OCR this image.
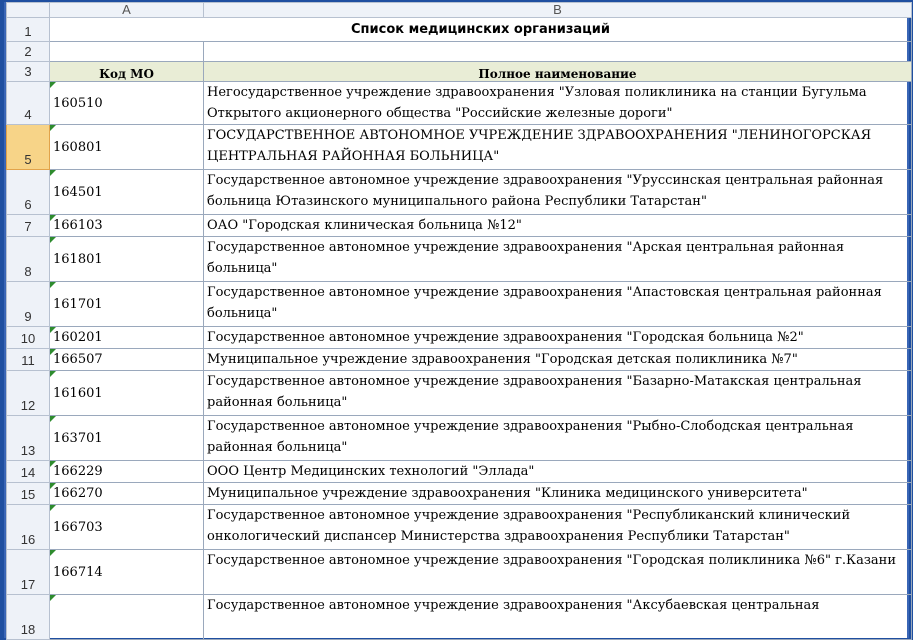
	A	B
1	Список медицинских организаций	
2		
3	Код МО	Полное наименование
4	160510	Негосударственное учреждение здравоохранения "Узловая поликлиника на станции Бугульма Открытого акционерного общества "Российские железные дороги"
5	160801	ГОСУДАРСТВЕННОЕ АВТОНОМНОЕ УЧРЕЖДЕНИЕ ЗДРАВООХРАНЕНИЯ "ЛЕНИНОГОРСКАЯ ЦЕНТРАЛЬНАЯ РАЙОННАЯ БОЛЬНИЦА"
6	164501	Государственное автономное учреждение здравоохранения "Уруссинская центральная районная больница Ютазинского муниципального района Республики Татарстан"
7	166103	ОАО "Городская клиническая больница №12"
8	161801	Государственное автономное учреждение здравоохранения "Арская центральная районная больница"
9	161701	Государственное автономное учреждение здравоохранения "Апастовская центральная районная больница"
10	160201	Государственное автономное учреждение здравоохранения "Городская больница №2"
11	166507	Муниципальное учреждение здравоохранения "Городская детская поликлиника №7"
12	161601	Государственное автономное учреждение здравоохранения "Базарно-Матакская центральная районная больница"
13	163701	Государственное автономное учреждение здравоохранения "Рыбно-Слободская центральная районная больница"
14	166229	ООО Центр Медицинских технологий "Эллада"
15	166270	Муниципальное учреждение здравоохранения "Клиника медицинского университета"
16	166703	Государственное автономное учреждение здравоохранения "Республиканский клинический онкологический диспансер Министерства здравоохранения Республики Татарстан"
17	166714	Государственное автономное учреждение здравоохранения "Городская поликлиника №6" г.Казани
18		Государственное автономное учреждение здравоохранения "Аксубаевская центральная
